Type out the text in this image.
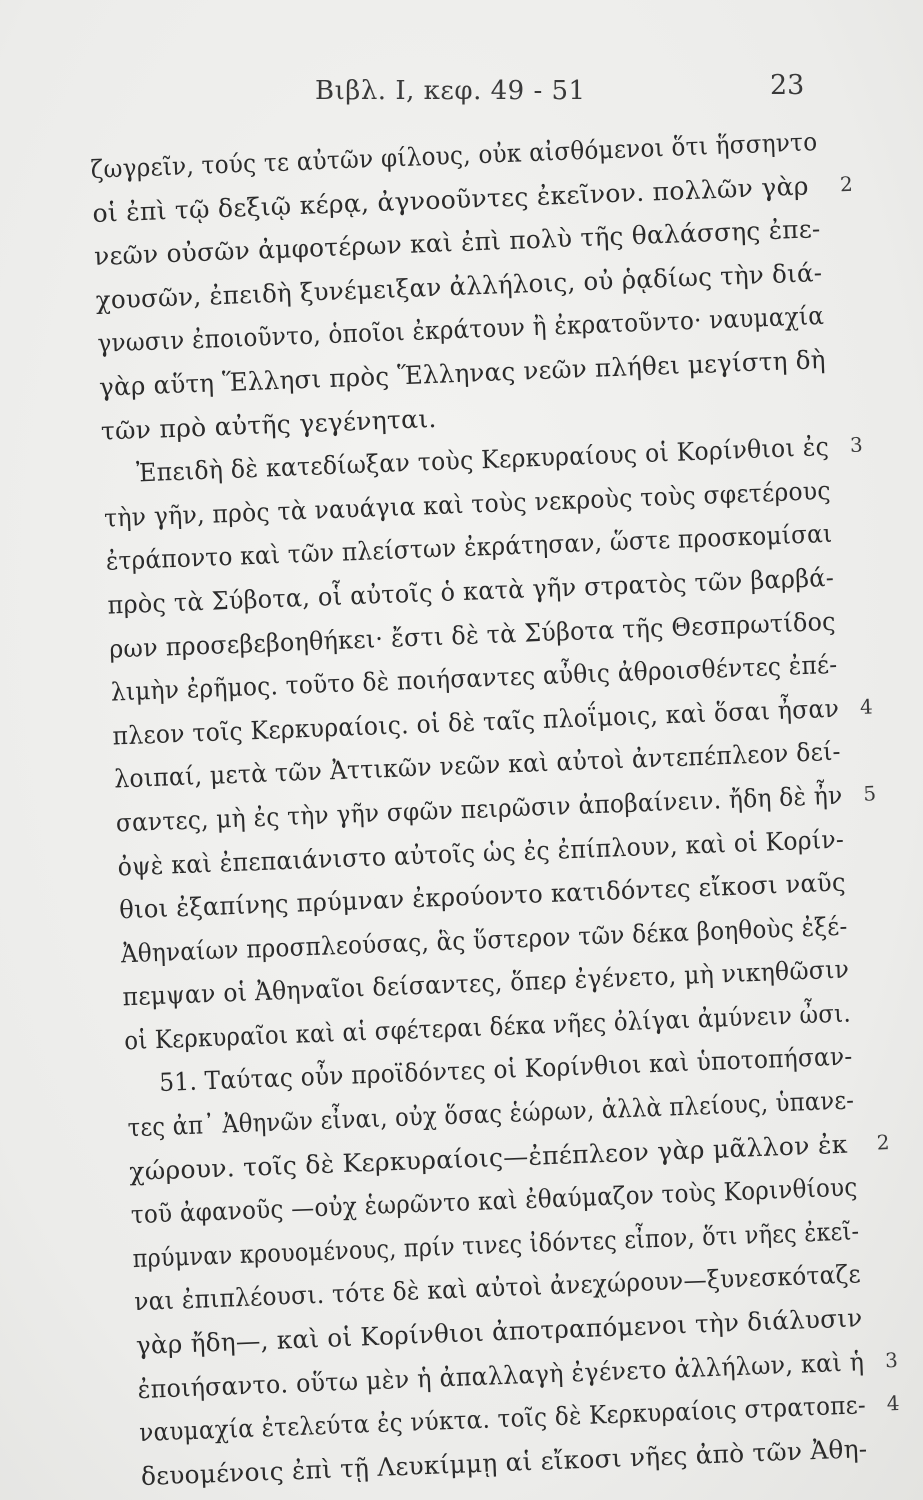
Βιβλ. I, κεφ. 49 - 51	23
ζωγρεῖν, τούς τε αὐτῶν φίλους, οὐκ αἰσθόμενοι ὅτι ἥσσηντο
οἱ ἐπὶ τῷ δεξιῷ κέρᾳ, ἀγνοοῦντες ἐκεῖνον. πολλῶν γὰρ 2
νεῶν οὐσῶν ἀμφοτέρων καὶ ἐπὶ πολὺ τῆς θαλάσσης ἐπε-
χουσῶν, ἐπειδὴ ξυνέμειξαν ἀλλήλοις, οὐ ῥᾳδίως τὴν διά-
γνωσιν ἐποιοῦντο, ὁποῖοι ἐκράτουν ἢ ἐκρατοῦντο· ναυμαχία
γὰρ αὕτη Ἕλλησι πρὸς Ἕλληνας νεῶν πλήθει μεγίστη δὴ
τῶν πρὸ αὐτῆς γεγένηται.
Ἐπειδὴ δὲ κατεδίωξαν τοὺς Κερκυραίους οἱ Κορίνθιοι ἐς 3
τὴν γῆν, πρὸς τὰ ναυάγια καὶ τοὺς νεκροὺς τοὺς σφετέρους
ἐτράποντο καὶ τῶν πλείστων ἐκράτησαν, ὥστε προσκομίσαι
πρὸς τὰ Σύβοτα, οἷ αὐτοῖς ὁ κατὰ γῆν στρατὸς τῶν βαρβά-
ρων προσεβεβοηθήκει· ἔστι δὲ τὰ Σύβοτα τῆς Θεσπρωτίδος
λιμὴν ἐρῆμος. τοῦτο δὲ ποιήσαντες αὖθις ἀθροισθέντες ἐπέ-
πλεον τοῖς Κερκυραίοις. οἱ δὲ ταῖς πλοΐμοις, καὶ ὅσαι ἦσαν 4
λοιπαί, μετὰ τῶν Ἀττικῶν νεῶν καὶ αὐτοὶ ἀντεπέπλεον δεί-
σαντες, μὴ ἐς τὴν γῆν σφῶν πειρῶσιν ἀποβαίνειν. ἤδη δὲ ἦν 5
ὀψὲ καὶ ἐπεπαιάνιστο αὐτοῖς ὡς ἐς ἐπίπλουν, καὶ οἱ Κορίν-
θιοι ἐξαπίνης πρύμναν ἐκρούοντο κατιδόντες εἴκοσι ναῦς
Ἀθηναίων προσπλεούσας, ἃς ὕστερον τῶν δέκα βοηθοὺς ἐξέ-
πεμψαν οἱ Ἀθηναῖοι δείσαντες, ὅπερ ἐγένετο, μὴ νικηθῶσιν
οἱ Κερκυραῖοι καὶ αἱ σφέτεραι δέκα νῆες ὀλίγαι ἀμύνειν ὦσι.
51. Ταύτας οὖν προϊδόντες οἱ Κορίνθιοι καὶ ὑποτοπήσαν-
τες ἀπ᾽ Ἀθηνῶν εἶναι, οὐχ ὅσας ἑώρων, ἀλλὰ πλείους, ὑπανε-
χώρουν. τοῖς δὲ Κερκυραίοις—ἐπέπλεον γὰρ μᾶλλον ἐκ 2
τοῦ ἀφανοῦς —οὐχ ἑωρῶντο καὶ ἐθαύμαζον τοὺς Κορινθίους
πρύμναν κρουομένους, πρίν τινες ἰδόντες εἶπον, ὅτι νῆες ἐκεῖ-
ναι ἐπιπλέουσι. τότε δὲ καὶ αὐτοὶ ἀνεχώρουν—ξυνεσκόταζε
γὰρ ἤδη—, καὶ οἱ Κορίνθιοι ἀποτραπόμενοι τὴν διάλυσιν
ἐποιήσαντο. οὕτω μὲν ἡ ἀπαλλαγὴ ἐγένετο ἀλλήλων, καὶ ἡ 3
ναυμαχία ἐτελεύτα ἐς νύκτα. τοῖς δὲ Κερκυραίοις στρατοπε- 4
δευομένοις ἐπὶ τῇ Λευκίμμῃ αἱ εἴκοσι νῆες ἀπὸ τῶν Ἀθη-
